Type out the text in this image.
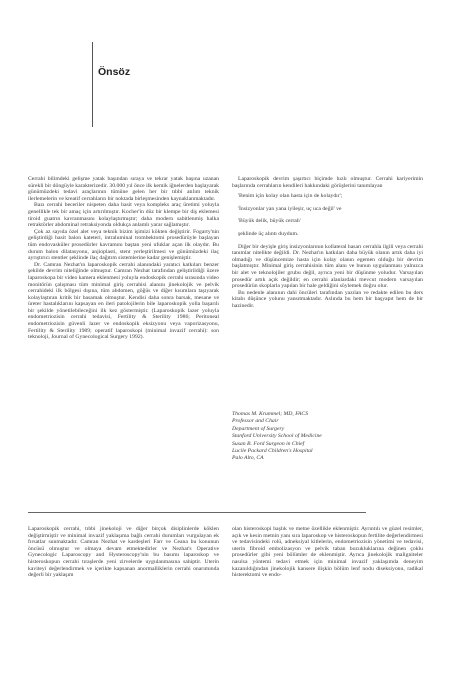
Önsöz

Cerrahi bilimdeki gelişme yatak başından sıraya ve tekrar yatak başına uzanan sürekli bir döngüyle karakterizedir. 30.000 yıl önce ilk kemik iğnelerden başlayarak günümüzdeki tedavi araçlarının tümüne gelen her bir tıbbi atılım teknik ilerlemelerin ve kreatif cerrahların bir noktada birleşmesinden kaynaklanmaktadır.

Bazı cerrahi beceriler nispeten daha basit veya kompleks araç üretimi yoluyla genellikle tek bir amaç için artırılmıştır. Kocher'in düz bir klempe bir diş eklemesi tiroid guatrın kavranmasını kolaylaştırmıştır; daha modern sabitlenmiş halka retraktörler abdominal retraksiyonda oldukça anlamlı yarar sağlamıştır.

Çok az sayıda özel alet veya teknik bizim işimizi kökten değiştirir. Fogarty'nin geliştirdiği basit balon kateteri, intraluminal trombektomi prosedürüyle başlayan tüm endovasküler prosedürler kavramını baştan yeni ufuklar açan ilk olaydır. Bu durum balon dilatasyonu, anjioplasti, stent yerleştirilmesi ve günümüzdeki ilaç ayrıştırıcı stentler şeklinde ilaç dağıtım sistemlerine kadar genişlemiştir.

Dr. Camran Nezhat'ın laparoskopik cerrahi alanındaki yaratıcı katkıları benzer şekilde devrim niteliğinde olmuştur. Camran Nezhat tarafından geliştirildiği üzere laparoskopa bir video kamera eklenmesi yoluyla endoskopik cerrahi sırasında video monitörün çalışması tüm minimal giriş cerrahisi alanını jinekolojik ve pelvik cerrahideki ilk bölgesi dışına, tüm abdomen, göğüs ve diğer kısımlara taşıyarak kolaylaştıran kritik bir basamak olmuştur. Kendisi daha sonra barsak, mesane ve üreter hastalıklarını kapsayan en ileri patolojilerin bile laparoskopik yolla başarılı bir şekilde yönetilebileceğini ilk kez göstermiştir. (Laparoskopik lazer yoluyla endometriozisin cerrahi tedavisi, Fertility & Sterility 1986; Peritoneal endometriozisin güvenli lazer ve endoskopik eksizyonu veya vaporizasyonu, Fertility & Sterility 1989; operatif laparoskopi (minimal invazif cerrahi): son teknoloji, Journal of Gynecological Surgery 1992).

Laparoskopik devrim şaşırtıcı biçimde hızlı olmuştur. Cerrahi kariyerimin başlarında cerrahların kendileri hakkındaki görüşlerini tanımlayan

'Benim için kolay olan hasta için de kolaydır';

'İnsizyonlar yan yana iyileşir, uç uca değil' ve

'Büyük delik, büyük cerrah'

şeklinde üç alıntı duydum.

Diğer bir deyişle giriş insizyonlarının kollateral hasarı cerrahla ilgili veya cerrahi tanımlar nitelikte değildi. Dr. Nezhat'ın katkıları daha büyük olanın artık daha iyi olmadığı ve düşüncemize hasta için kolay olanın egemen olduğu bir devrim başlatmıştır. Minimal giriş cerrahisinin tüm alanı ve bunun uygulanması yalnızca bir alet ve teknolojiler grubu değil, ayrıca yeni bir düşünme yoludur. Varsayılan prosedür artık açık değildir; en cerrahi alanlardaki mevcut modern varsayılan prosedürün skoplarla yapılan bir hale geldiğini söylemek doğru olur.

Bu nedenle alanının dahi öncüleri tarafından yazılan ve redakte edilen bu ders kitabı düşünce yolunu yansıtmaktadır. Aslında bu hem bir başyapıt hem de bir hazinedir.

Thomas M. Krummel; MD, FACS
Professor and Chair
Department of Surgery
Stanford University School of Medicine
Susan B. Ford Surgeon in Chief
Lucile Packard Children's Hospital
Palo Alto, CA

Laparoskopik cerrahi, tıbbi jinekoloji ve diğer birçok disiplinlerde köklen değiştirmiştir ve minimal invazif yaklaşıma bağlı cerrahi durumları vurgulayan ek fırsatlar sunmaktadır. Camran Nezhat ve kardeşleri Farr ve Ceana bu konunun öncüsü olmuştur ve olmaya devam etmektedirler ve Nezhat's Operative Gynecologic Laparoscopy and Hysteroscopy'nin bu basımı laparoskop ve histeroskopun cerrahi tıraşlerde yeni zirvelerde uygulanmasına sahiptir. Uterin kaviteyi değerlendirmek ve içerikte kapsanan anormalliklerin cerrahi onarımında değerli bir yaklaşım

olan histeroskopi başlık ve metne özellikle eklenmiştir. Ayrıntılı ve güzel resimler, açık ve kesin metnin yanı sıra laparoskop ve histeroskopun fertilite değerlendirmesi ve tedavisindeki rolü, adneksiyal kitlelerin, endometriozisin yönetimi ve tedavisi, uterin fibroid embolizasyon ve pelvik taban bozukluklarına değinen çoklu prosedürler gibi yeni bölümler de eklenmiştir. Ayrıca jinekolojik maligniteler nasılsa yöntemi tedavi etmek için minimal invazif yaklaşımda deneyim kazanıldığından jinekolojik kansere ilişkin bölüm lenf nodu diseksiyonu, radikal histerektomi ve endo-
